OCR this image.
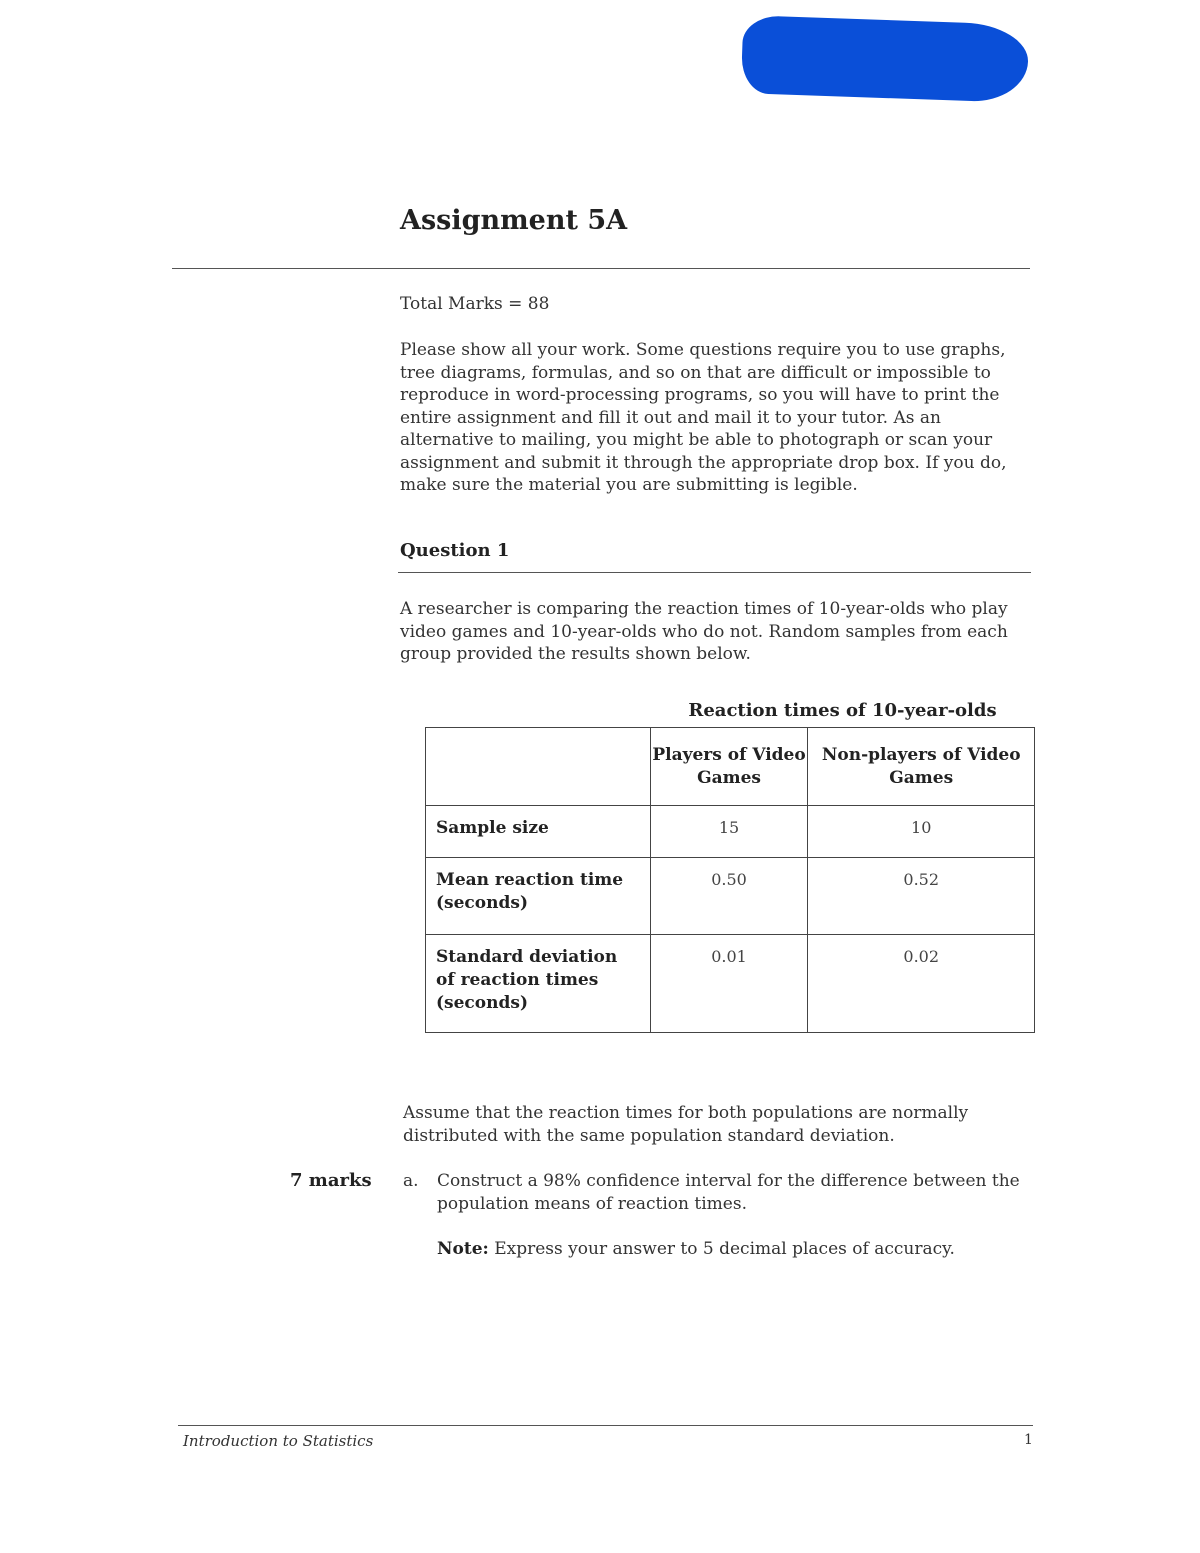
Assignment 5A
Total Marks = 88
Please show all your work. Some questions require you to use graphs, tree diagrams, formulas, and so on that are difficult or impossible to reproduce in word-processing programs, so you will have to print the entire assignment and fill it out and mail it to your tutor. As an alternative to mailing, you might be able to photograph or scan your assignment and submit it through the appropriate drop box. If you do, make sure the material you are submitting is legible.
Question 1
A researcher is comparing the reaction times of 10-year-olds who play video games and 10-year-olds who do not. Random samples from each group provided the results shown below.
Reaction times of 10-year-olds
	Players of Video Games	Non-players of Video Games
Sample size	15	10
Mean reaction time (seconds)	0.50	0.52
Standard deviation of reaction times (seconds)	0.01	0.02
Assume that the reaction times for both populations are normally distributed with the same population standard deviation.
7 marks a. Construct a 98% confidence interval for the difference between the population means of reaction times.
Note: Express your answer to 5 decimal places of accuracy.
Introduction to Statistics	1
